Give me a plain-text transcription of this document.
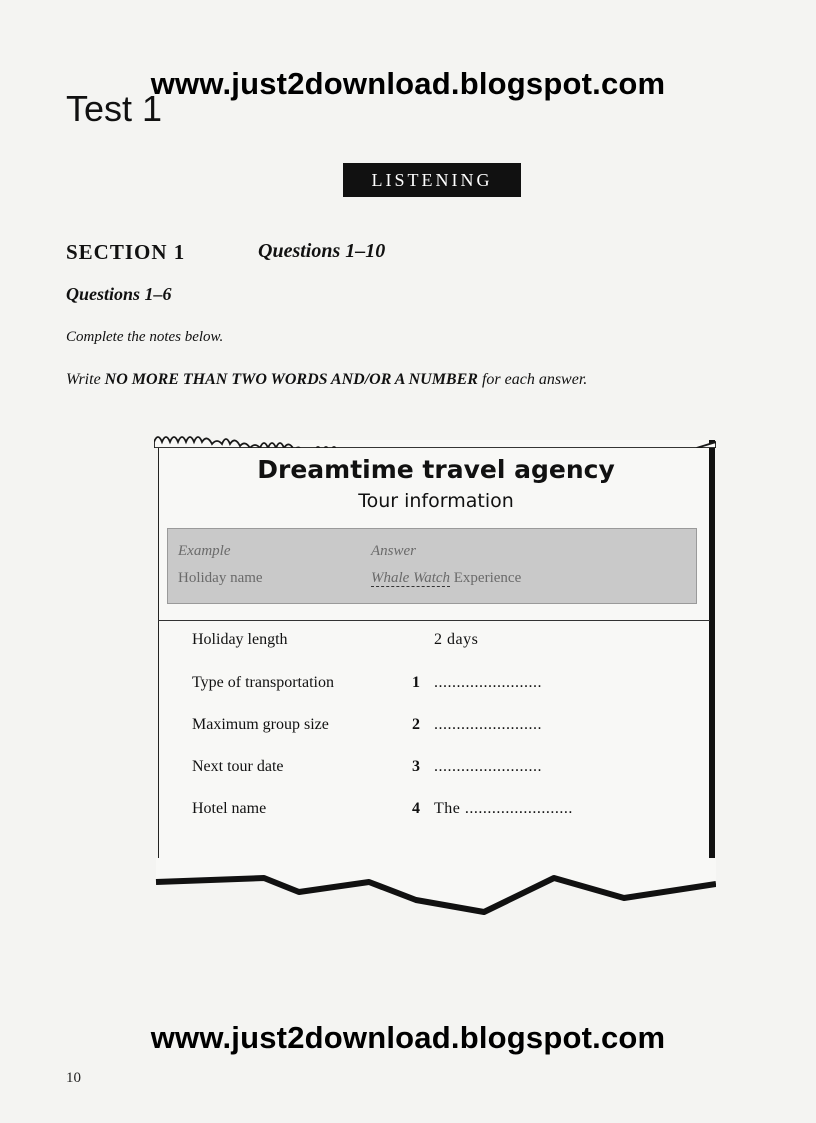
www.just2download.blogspot.com
Test 1
LISTENING
SECTION 1	Questions 1–10
Questions 1–6
Complete the notes below.
Write NO MORE THAN TWO WORDS AND/OR A NUMBER for each answer.
Dreamtime travel agency
Tour information
Example	Answer
Holiday name	Whale Watch Experience
Holiday length	2 days
Type of transportation	1 ........................
Maximum group size	2 ........................
Next tour date	3 ........................
Hotel name	4 The ........................
www.just2download.blogspot.com
10
